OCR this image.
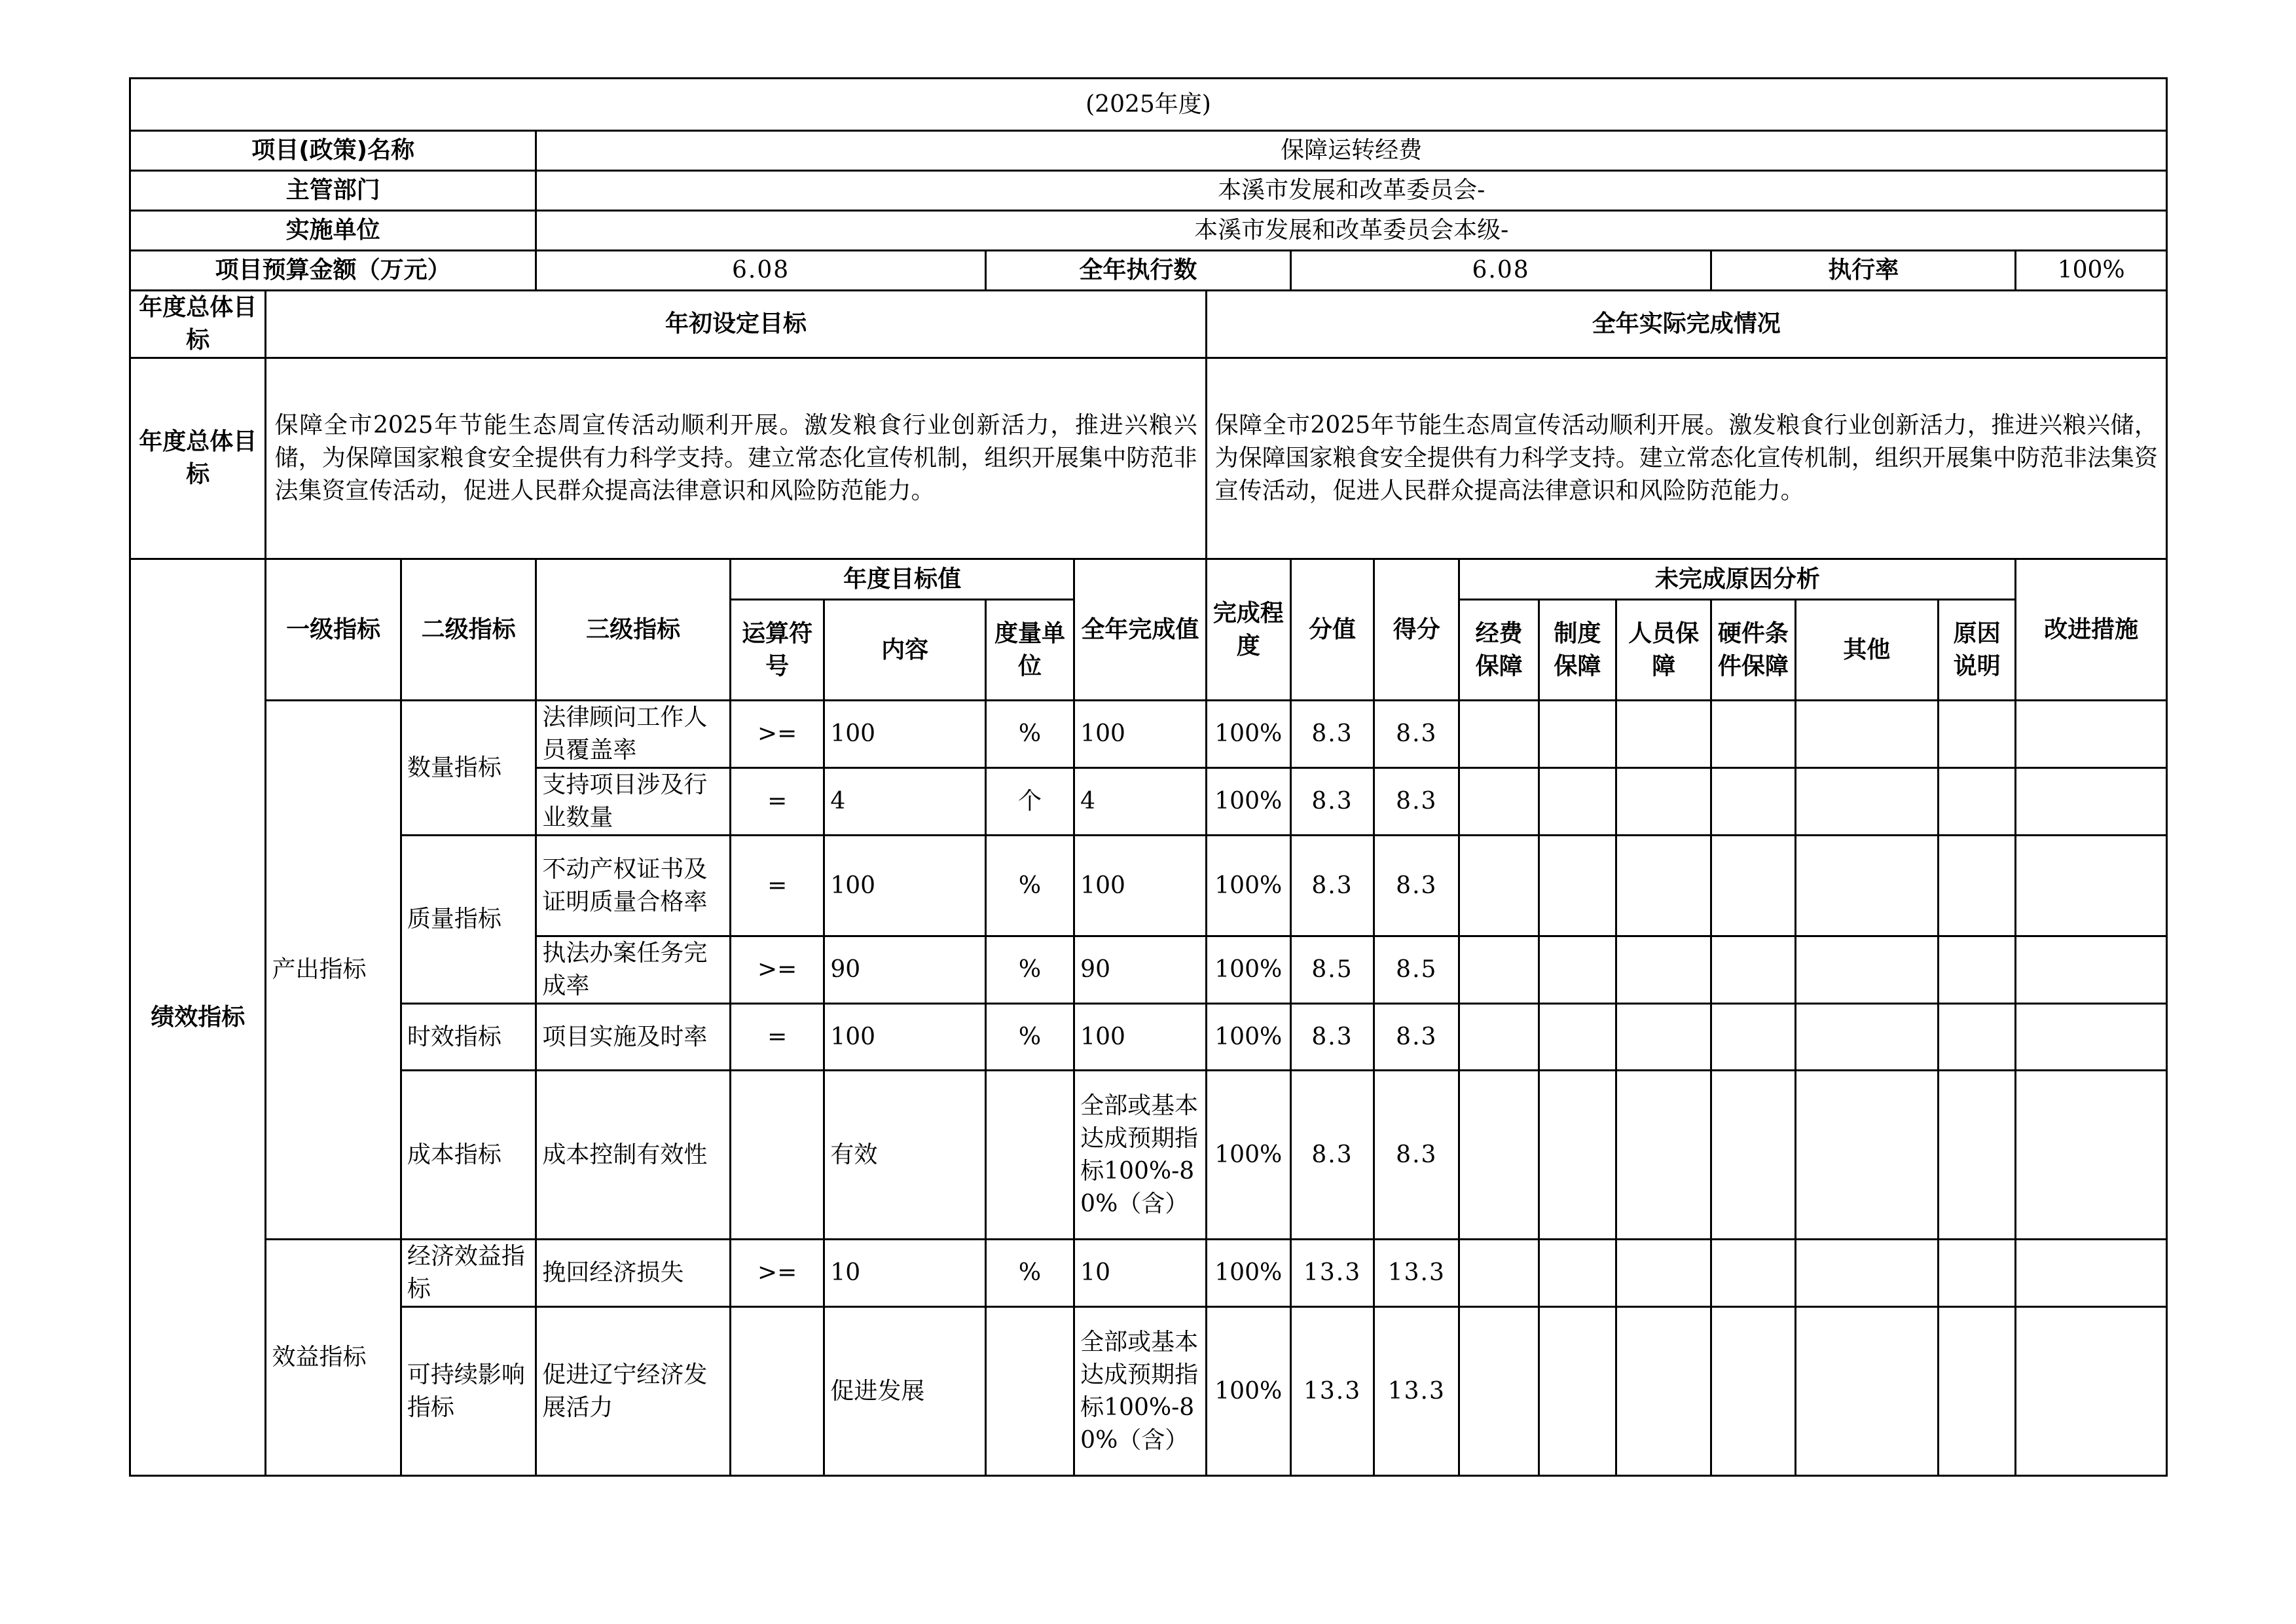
(2025年度)																	
项目(政策)名称			保障运转经费														
主管部门			本溪市发展和改革委员会-														
实施单位			本溪市发展和改革委员会本级-														
项目预算金额（万元）			6.08			全年执行数			6.08					执行率			100%
年度总体目标	年初设定目标							全年实际完成情况									
年度总体目标	保障全市2025年节能生态周宣传活动顺利开展。激发粮食行业创新活力，推进兴粮兴储，为保障国家粮食安全提供有力科学支持。建立常态化宣传机制，组织开展集中防范非法集资宣传活动，促进人民群众提高法律意识和风险防范能力。							保障全市2025年节能生态周宣传活动顺利开展。激发粮食行业创新活力，推进兴粮兴储，为保障国家粮食安全提供有力科学支持。建立常态化宣传机制，组织开展集中防范非法集资宣传活动，促进人民群众提高法律意识和风险防范能力。									
绩效指标	一级指标	二级指标	三级指标	年度目标值			全年完成值	完成程度	分值	得分	未完成原因分析						改进措施
				运算符号	内容	度量单位					经费保障	制度保障	人员保障	硬件条件保障	其他	原因说明	
	产出指标	数量指标	法律顾问工作人员覆盖率	>=	100	%	100	100%	8.3	8.3							
			支持项目涉及行业数量	=	4	个	4	100%	8.3	8.3							
		质量指标	不动产权证书及证明质量合格率	=	100	%	100	100%	8.3	8.3							
			执法办案任务完成率	>=	90	%	90	100%	8.5	8.5							
		时效指标	项目实施及时率	=	100	%	100	100%	8.3	8.3							
		成本指标	成本控制有效性		有效		全部或基本达成预期指标100%-80%（含）	100%	8.3	8.3							
	效益指标	经济效益指标	挽回经济损失	>=	10	%	10	100%	13.3	13.3							
		可持续影响指标	促进辽宁经济发展活力		促进发展		全部或基本达成预期指标100%-80%（含）	100%	13.3	13.3							
